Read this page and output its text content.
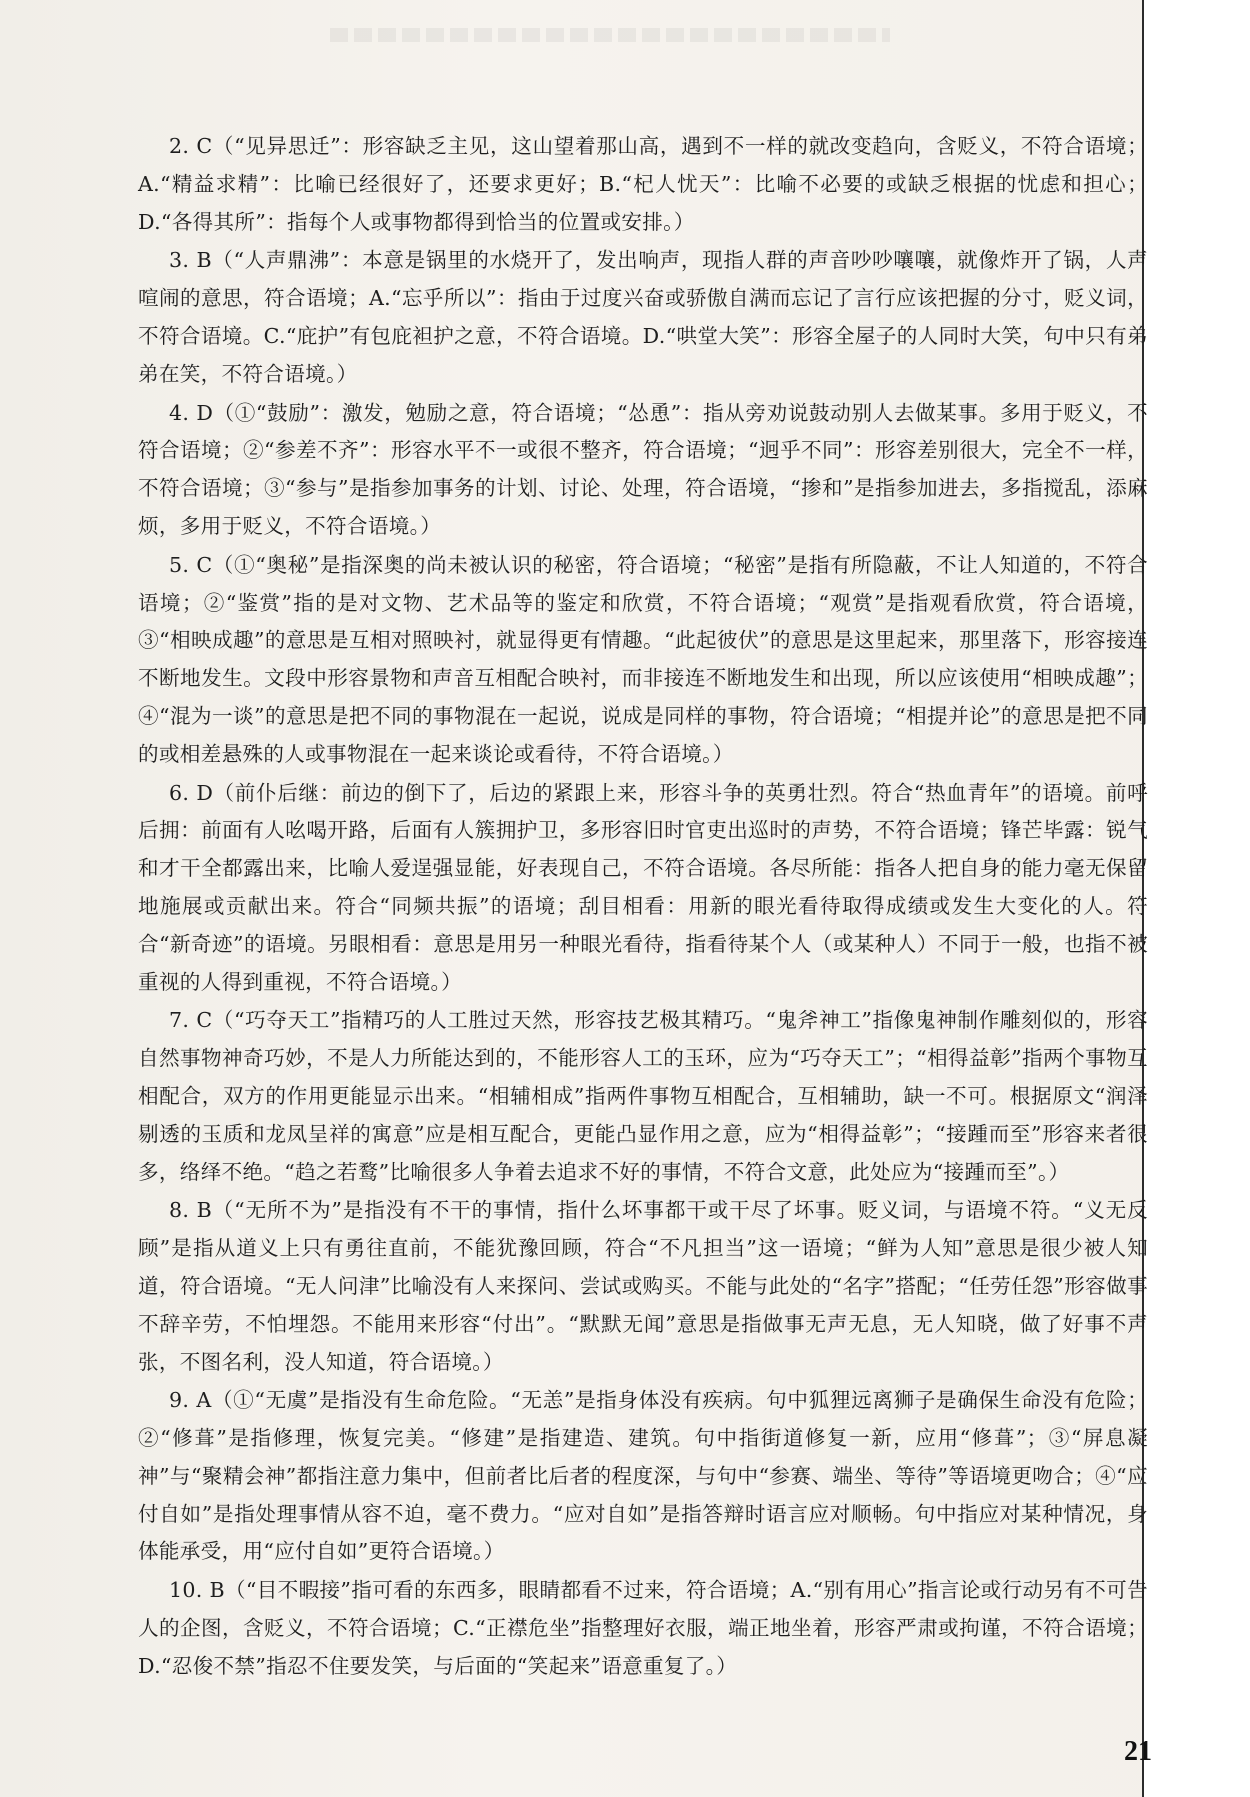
2. C（“见异思迁”：形容缺乏主见，这山望着那山高，遇到不一样的就改变趋向，含贬义，不符合语境；A.“精益求精”：比喻已经很好了，还要求更好；B.“杞人忧天”：比喻不必要的或缺乏根据的忧虑和担心；D.“各得其所”：指每个人或事物都得到恰当的位置或安排。）

3. B（“人声鼎沸”：本意是锅里的水烧开了，发出响声，现指人群的声音吵吵嚷嚷，就像炸开了锅，人声喧闹的意思，符合语境；A.“忘乎所以”：指由于过度兴奋或骄傲自满而忘记了言行应该把握的分寸，贬义词，不符合语境。C.“庇护”有包庇袒护之意，不符合语境。D.“哄堂大笑”：形容全屋子的人同时大笑，句中只有弟弟在笑，不符合语境。）

4. D（①“鼓励”：激发，勉励之意，符合语境；“怂恿”：指从旁劝说鼓动别人去做某事。多用于贬义，不符合语境；②“参差不齐”：形容水平不一或很不整齐，符合语境；“迥乎不同”：形容差别很大，完全不一样，不符合语境；③“参与”是指参加事务的计划、讨论、处理，符合语境，“掺和”是指参加进去，多指搅乱，添麻烦，多用于贬义，不符合语境。）

5. C（①“奥秘”是指深奥的尚未被认识的秘密，符合语境；“秘密”是指有所隐蔽，不让人知道的，不符合语境；②“鉴赏”指的是对文物、艺术品等的鉴定和欣赏，不符合语境；“观赏”是指观看欣赏，符合语境，③“相映成趣”的意思是互相对照映衬，就显得更有情趣。“此起彼伏”的意思是这里起来，那里落下，形容接连不断地发生。文段中形容景物和声音互相配合映衬，而非接连不断地发生和出现，所以应该使用“相映成趣”；④“混为一谈”的意思是把不同的事物混在一起说，说成是同样的事物，符合语境；“相提并论”的意思是把不同的或相差悬殊的人或事物混在一起来谈论或看待，不符合语境。）

6. D（前仆后继：前边的倒下了，后边的紧跟上来，形容斗争的英勇壮烈。符合“热血青年”的语境。前呼后拥：前面有人吆喝开路，后面有人簇拥护卫，多形容旧时官吏出巡时的声势，不符合语境；锋芒毕露：锐气和才干全都露出来，比喻人爱逞强显能，好表现自己，不符合语境。各尽所能：指各人把自身的能力毫无保留地施展或贡献出来。符合“同频共振”的语境；刮目相看：用新的眼光看待取得成绩或发生大变化的人。符合“新奇迹”的语境。另眼相看：意思是用另一种眼光看待，指看待某个人（或某种人）不同于一般，也指不被重视的人得到重视，不符合语境。）

7. C（“巧夺天工”指精巧的人工胜过天然，形容技艺极其精巧。“鬼斧神工”指像鬼神制作雕刻似的，形容自然事物神奇巧妙，不是人力所能达到的，不能形容人工的玉环，应为“巧夺天工”；“相得益彰”指两个事物互相配合，双方的作用更能显示出来。“相辅相成”指两件事物互相配合，互相辅助，缺一不可。根据原文“润泽剔透的玉质和龙凤呈祥的寓意”应是相互配合，更能凸显作用之意，应为“相得益彰”；“接踵而至”形容来者很多，络绎不绝。“趋之若鹜”比喻很多人争着去追求不好的事情，不符合文意，此处应为“接踵而至”。）

8. B（“无所不为”是指没有不干的事情，指什么坏事都干或干尽了坏事。贬义词，与语境不符。“义无反顾”是指从道义上只有勇往直前，不能犹豫回顾，符合“不凡担当”这一语境；“鲜为人知”意思是很少被人知道，符合语境。“无人问津”比喻没有人来探问、尝试或购买。不能与此处的“名字”搭配；“任劳任怨”形容做事不辞辛劳，不怕埋怨。不能用来形容“付出”。“默默无闻”意思是指做事无声无息，无人知晓，做了好事不声张，不图名利，没人知道，符合语境。）

9. A（①“无虞”是指没有生命危险。“无恙”是指身体没有疾病。句中狐狸远离狮子是确保生命没有危险；②“修葺”是指修理，恢复完美。“修建”是指建造、建筑。句中指街道修复一新，应用“修葺”；③“屏息凝神”与“聚精会神”都指注意力集中，但前者比后者的程度深，与句中“参赛、端坐、等待”等语境更吻合；④“应付自如”是指处理事情从容不迫，毫不费力。“应对自如”是指答辩时语言应对顺畅。句中指应对某种情况，身体能承受，用“应付自如”更符合语境。）

10. B（“目不暇接”指可看的东西多，眼睛都看不过来，符合语境；A.“别有用心”指言论或行动另有不可告人的企图，含贬义，不符合语境；C.“正襟危坐”指整理好衣服，端正地坐着，形容严肃或拘谨，不符合语境；D.“忍俊不禁”指忍不住要发笑，与后面的“笑起来”语意重复了。）

21
